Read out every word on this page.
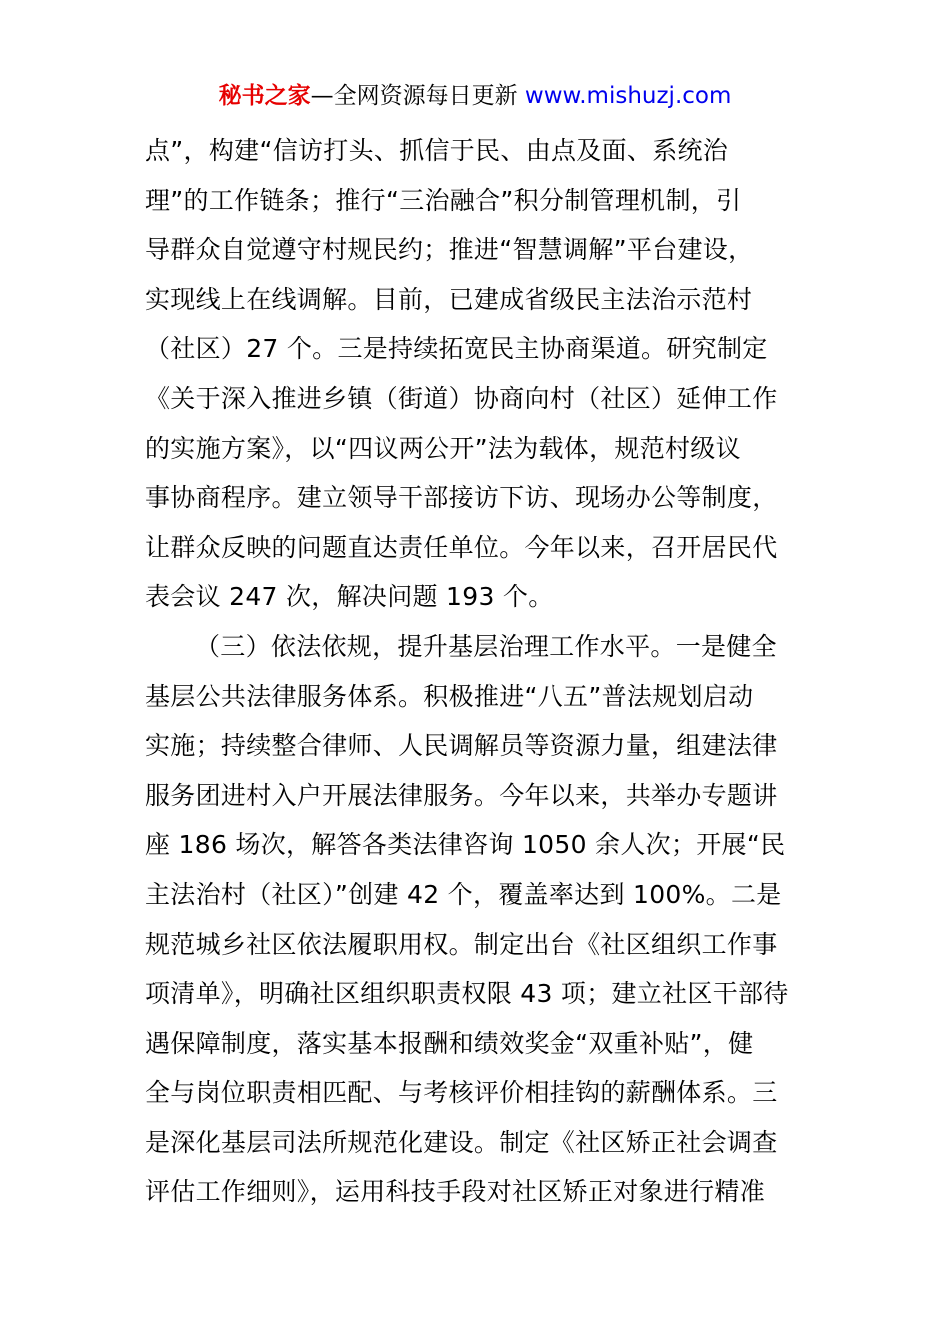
秘书之家—全网资源每日更新 www.mishuzj.com
点”，构建“信访打头、抓信于民、由点及面、系统治
理”的工作链条；推行“三治融合”积分制管理机制，引
导群众自觉遵守村规民约；推进“智慧调解”平台建设，
实现线上在线调解。目前，已建成省级民主法治示范村
（社区）27 个。三是持续拓宽民主协商渠道。研究制定
《关于深入推进乡镇（街道）协商向村（社区）延伸工作
的实施方案》，以“四议两公开”法为载体，规范村级议
事协商程序。建立领导干部接访下访、现场办公等制度，
让群众反映的问题直达责任单位。今年以来，召开居民代
表会议 247 次，解决问题 193 个。
（三）依法依规，提升基层治理工作水平。一是健全
基层公共法律服务体系。积极推进“八五”普法规划启动
实施；持续整合律师、人民调解员等资源力量，组建法律
服务团进村入户开展法律服务。今年以来，共举办专题讲
座 186 场次，解答各类法律咨询 1050 余人次；开展“民
主法治村（社区）”创建 42 个，覆盖率达到 100%。二是
规范城乡社区依法履职用权。制定出台《社区组织工作事
项清单》，明确社区组织职责权限 43 项；建立社区干部待
遇保障制度，落实基本报酬和绩效奖金“双重补贴”，健
全与岗位职责相匹配、与考核评价相挂钩的薪酬体系。三
是深化基层司法所规范化建设。制定《社区矫正社会调查
评估工作细则》，运用科技手段对社区矫正对象进行精准
